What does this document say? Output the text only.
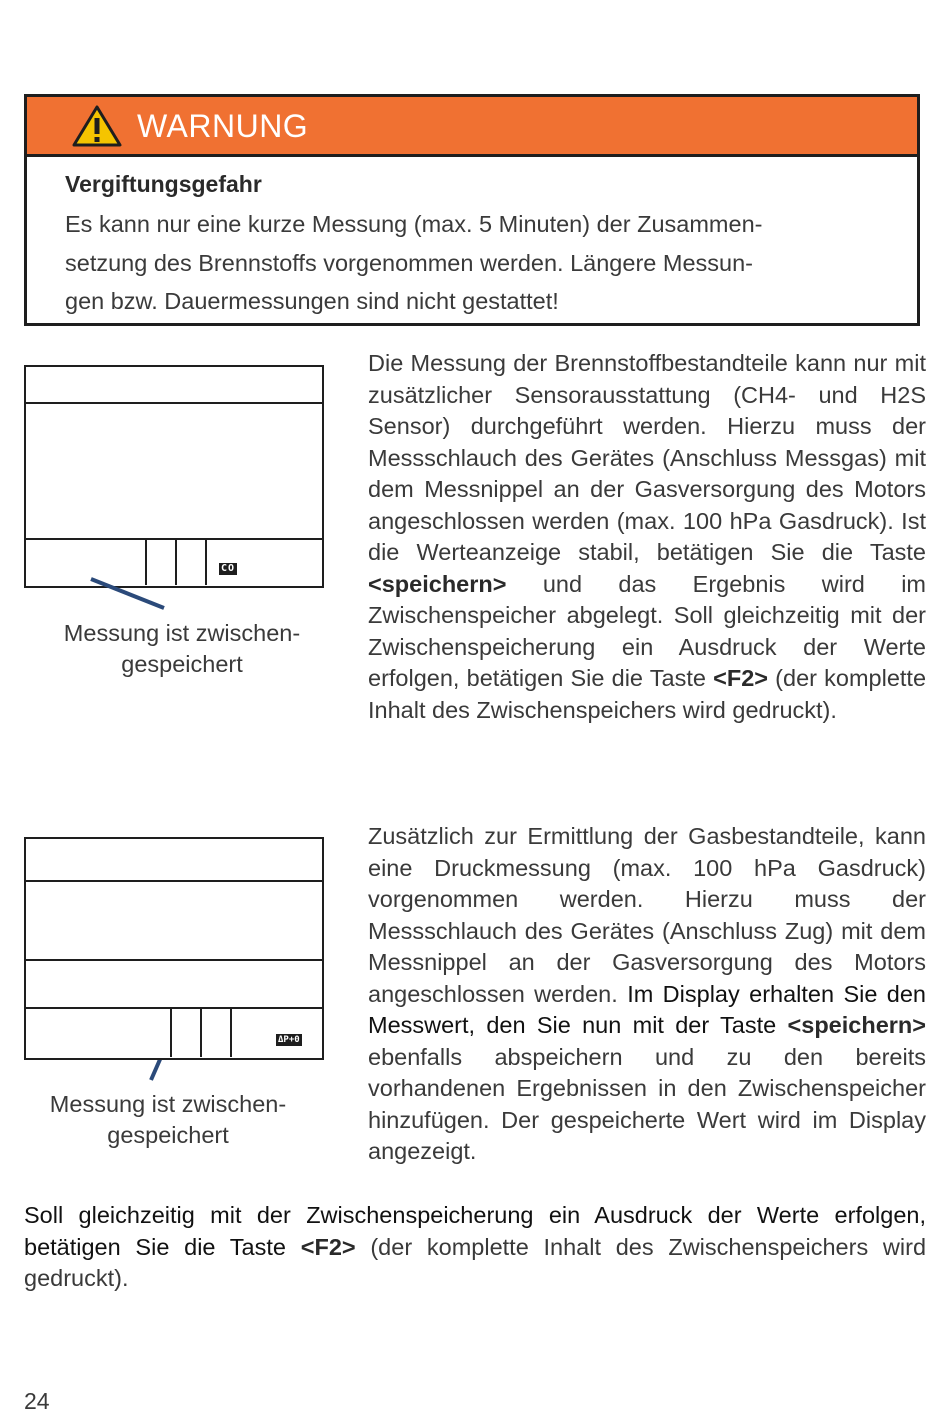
WARNUNG
Vergiftungsgefahr
Es kann nur eine kurze Messung (max. 5 Minuten) der Zusammen-
setzung des Brennstoffs vorgenommen werden. Längere Messun-
gen bzw. Dauermessungen sind nicht gestattet!
CO
Messung ist zwischen-
gespeichert
Die Messung der Brennstoffbestandteile kann nur mit zusätzlicher Sensorausstattung (CH4- und H2S Sensor) durchgeführt werden. Hierzu muss der Messschlauch des Gerätes (Anschluss Messgas) mit dem Messnippel an der Gasversorgung des Motors angeschlossen werden (max. 100 hPa Gasdruck). Ist die Werteanzeige stabil, betätigen Sie die Taste <speichern> und das Ergebnis wird im Zwischenspeicher abgelegt. Soll gleichzeitig mit der Zwischenspeicherung ein Ausdruck der Werte erfolgen, betätigen Sie die Taste <F2> (der komplette Inhalt des Zwischenspeichers wird gedruckt).
ΔP+0
Messung ist zwischen-
gespeichert
Zusätzlich zur Ermittlung der Gasbestandteile, kann eine Druckmessung (max. 100 hPa Gasdruck) vorgenommen werden. Hierzu muss der Messschlauch des Gerätes (Anschluss Zug) mit dem Messnippel an der Gasversorgung des Motors angeschlossen werden. Im Display erhalten Sie den Messwert, den Sie nun mit der Taste <speichern> ebenfalls abspeichern und zu den bereits vorhandenen Ergebnissen in den Zwischenspeicher hinzufügen. Der gespeicherte Wert wird im Display angezeigt.
Soll gleichzeitig mit der Zwischenspeicherung ein Ausdruck der Werte erfolgen, betätigen Sie die Taste <F2> (der komplette Inhalt des Zwischenspeichers wird gedruckt).
24
